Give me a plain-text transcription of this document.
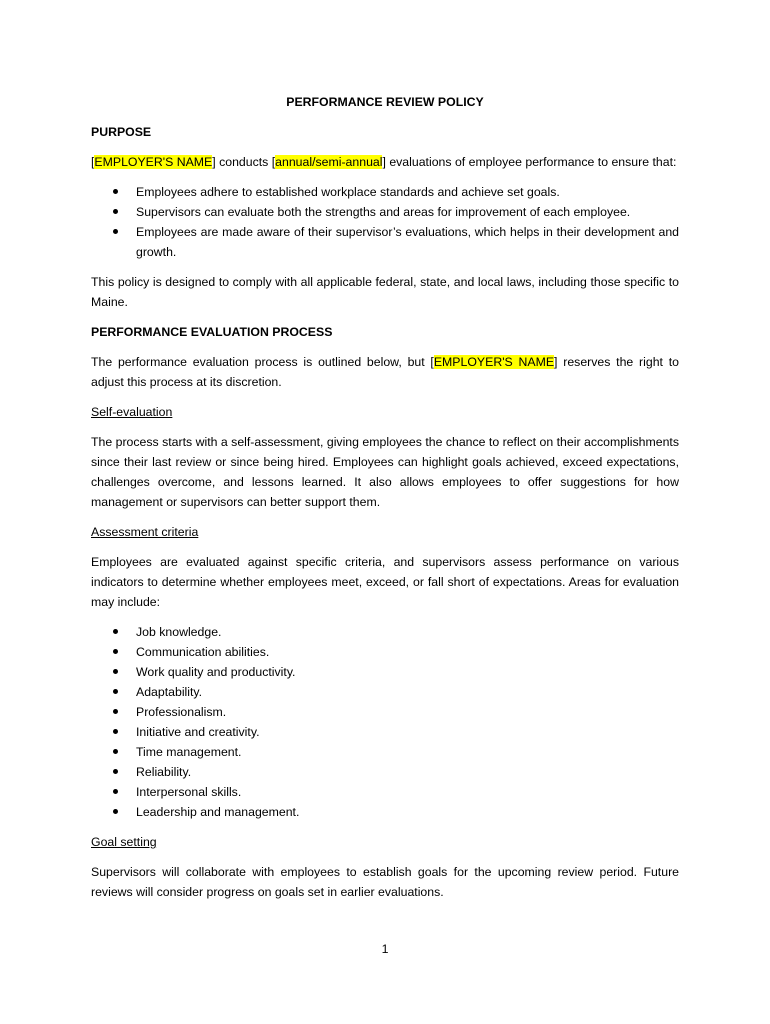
PERFORMANCE REVIEW POLICY
PURPOSE

[EMPLOYER'S NAME] conducts [annual/semi-annual] evaluations of employee performance to ensure that:

Employees adhere to established workplace standards and achieve set goals.
Supervisors can evaluate both the strengths and areas for improvement of each employee.
Employees are made aware of their supervisor’s evaluations, which helps in their development and growth.

This policy is designed to comply with all applicable federal, state, and local laws, including those specific to Maine.

PERFORMANCE EVALUATION PROCESS

The performance evaluation process is outlined below, but [EMPLOYER'S NAME] reserves the right to adjust this process at its discretion.

Self-evaluation

The process starts with a self-assessment, giving employees the chance to reflect on their accomplishments since their last review or since being hired. Employees can highlight goals achieved, exceed expectations, challenges overcome, and lessons learned. It also allows employees to offer suggestions for how management or supervisors can better support them.

Assessment criteria

Employees are evaluated against specific criteria, and supervisors assess performance on various indicators to determine whether employees meet, exceed, or fall short of expectations. Areas for evaluation may include:

Job knowledge.
Communication abilities.
Work quality and productivity.
Adaptability.
Professionalism.
Initiative and creativity.
Time management.
Reliability.
Interpersonal skills.
Leadership and management.
Goal setting

Supervisors will collaborate with employees to establish goals for the upcoming review period. Future reviews will consider progress on goals set in earlier evaluations.

1
